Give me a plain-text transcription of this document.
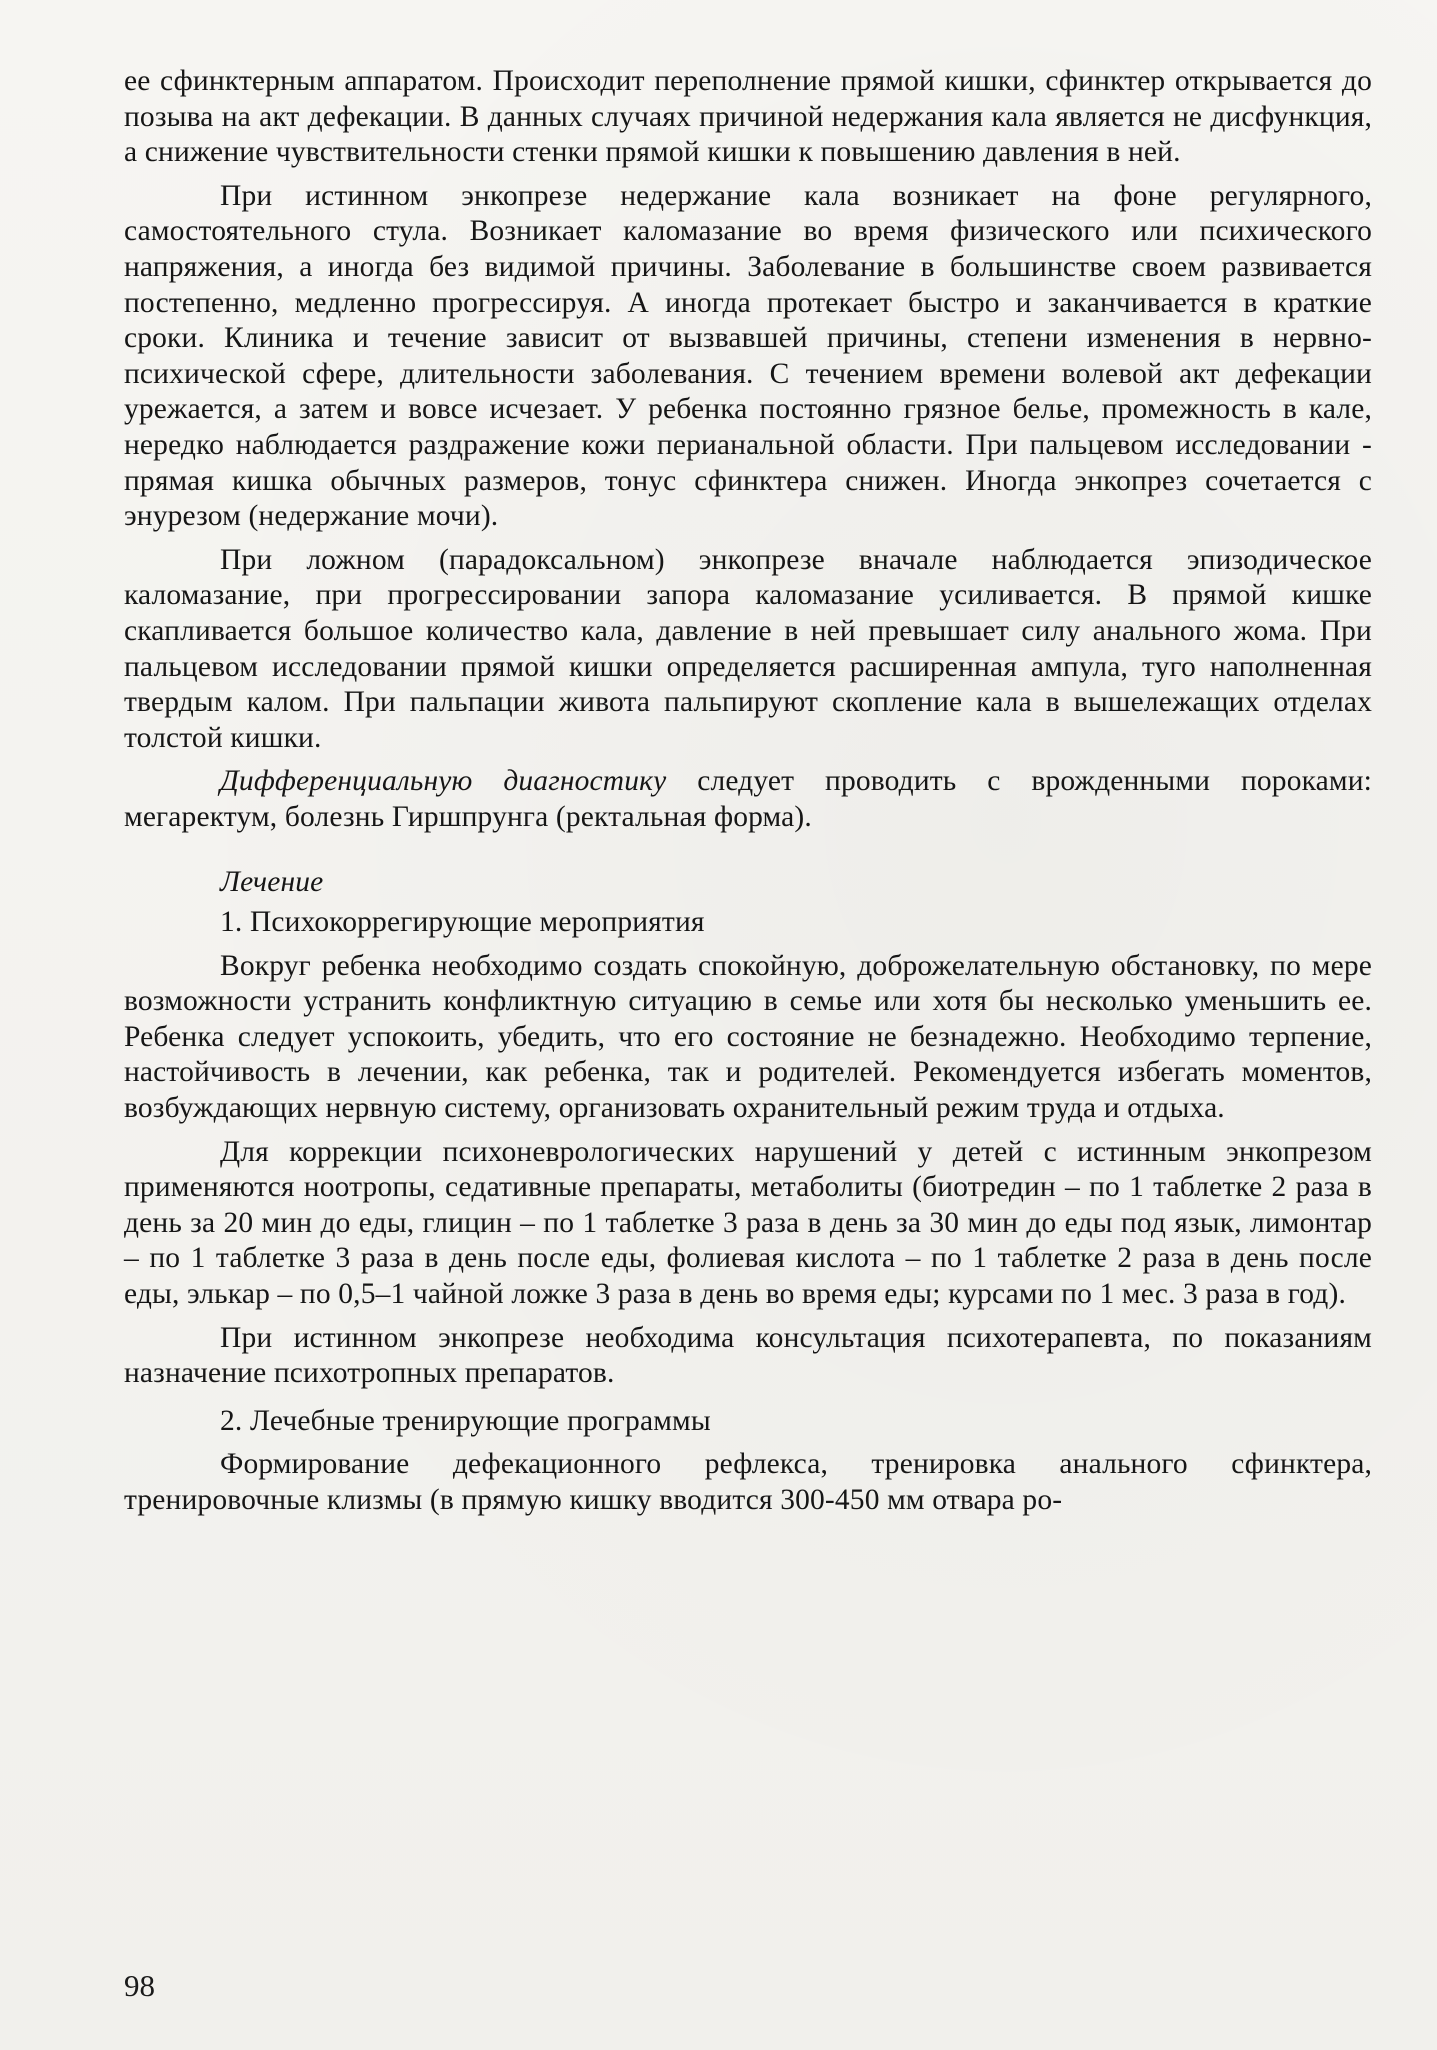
ее сфинктерным аппаратом. Происходит переполнение прямой кишки, сфинктер открывается до позыва на акт дефекации. В данных случаях причиной недержания кала является не дисфункция, а снижение чувствительности стенки прямой кишки к повышению давления в ней.

При истинном энкопрезе недержание кала возникает на фоне регулярного, самостоятельного стула. Возникает каломазание во время физического или психического напряжения, а иногда без видимой причины. Заболевание в большинстве своем развивается постепенно, медленно прогрессируя. А иногда протекает быстро и заканчивается в краткие сроки. Клиника и течение зависит от вызвавшей причины, степени изменения в нервно-психической сфере, длительности заболевания. С течением времени волевой акт дефекации урежается, а затем и вовсе исчезает. У ребенка постоянно грязное белье, промежность в кале, нередко наблюдается раздражение кожи перианальной области. При пальцевом исследовании - прямая кишка обычных размеров, тонус сфинктера снижен. Иногда энкопрез сочетается с энурезом (недержание мочи).

При ложном (парадоксальном) энкопрезе вначале наблюдается эпизодическое каломазание, при прогрессировании запора каломазание усиливается. В прямой кишке скапливается большое количество кала, давление в ней превышает силу анального жома. При пальцевом исследовании прямой кишки определяется расширенная ампула, туго наполненная твердым калом. При пальпации живота пальпируют скопление кала в вышележащих отделах толстой кишки.

Дифференциальную диагностику следует проводить с врожденными пороками: мегаректум, болезнь Гиршпрунга (ректальная форма).

Лечение
1. Психокоррегирующие мероприятия

Вокруг ребенка необходимо создать спокойную, доброжелательную обстановку, по мере возможности устранить конфликтную ситуацию в семье или хотя бы несколько уменьшить ее. Ребенка следует успокоить, убедить, что его состояние не безнадежно. Необходимо терпение, настойчивость в лечении, как ребенка, так и родителей. Рекомендуется избегать моментов, возбуждающих нервную систему, организовать охранительный режим труда и отдыха.

Для коррекции психоневрологических нарушений у детей с истинным энкопрезом применяются ноотропы, седативные препараты, метаболиты (биотредин – по 1 таблетке 2 раза в день за 20 мин до еды, глицин – по 1 таблетке 3 раза в день за 30 мин до еды под язык, лимонтар – по 1 таблетке 3 раза в день после еды, фолиевая кислота – по 1 таблетке 2 раза в день после еды, элькар – по 0,5–1 чайной ложке 3 раза в день во время еды; курсами по 1 мес. 3 раза в год).

При истинном энкопрезе необходима консультация психотерапевта, по показаниям назначение психотропных препаратов.

2. Лечебные тренирующие программы

Формирование дефекационного рефлекса, тренировка анального сфинктера, тренировочные клизмы (в прямую кишку вводится 300-450 мм отвара ро-

98
